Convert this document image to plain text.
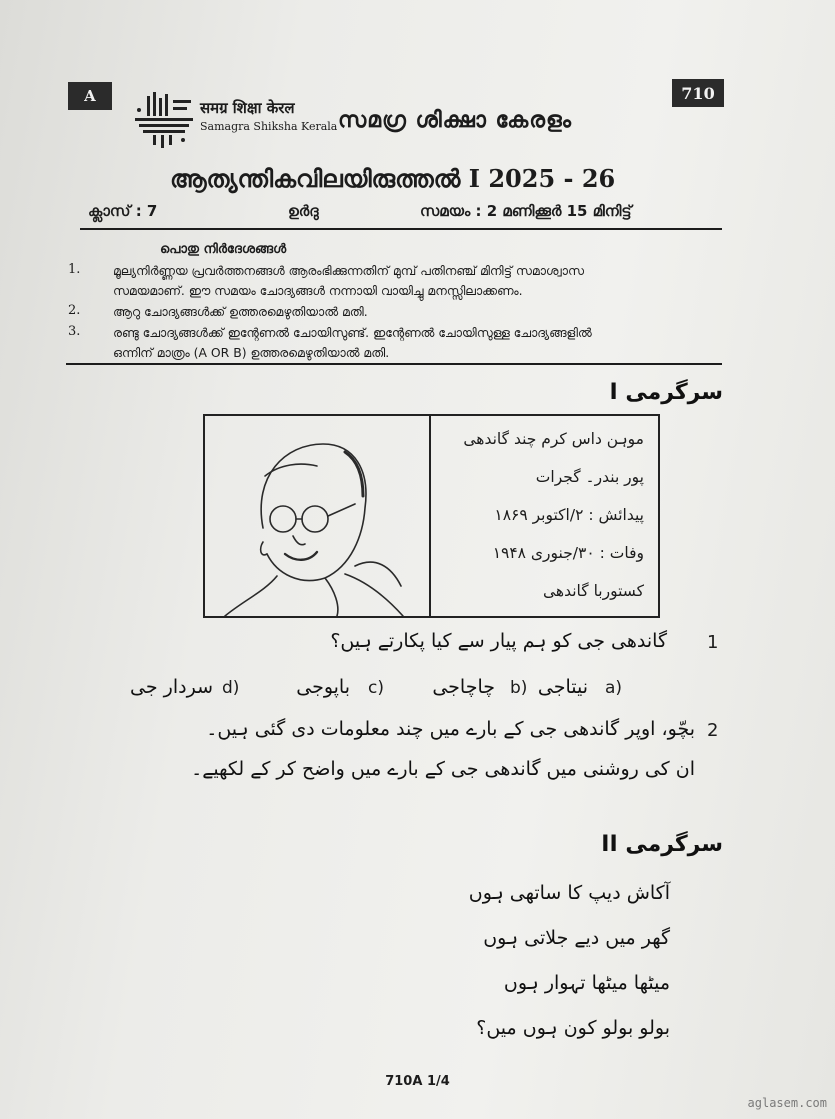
A	710
समग्र शिक्षा केरल
Samagra Shiksha Kerala സമഗ്ര ശിക്ഷാ കേരളം
ആത്യന്തികവിലയിരുത്തൽ I 2025 - 26
ക്ലാസ് : 7	ഉർദു	സമയം : 2 മണിക്കൂർ 15 മിനിട്ട്
പൊതു നിർദേശങ്ങൾ
1.	മൂല്യനിർണ്ണയ പ്രവർത്തനങ്ങൾ ആരംഭിക്കുന്നതിന് മുമ്പ് പതിനഞ്ച് മിനിട്ട് സമാശ്വാസ
സമയമാണ്. ഈ സമയം ചോദ്യങ്ങൾ നന്നായി വായിച്ചു മനസ്സിലാക്കണം.
2.	ആറു ചോദ്യങ്ങൾക്ക് ഉത്തരമെഴുതിയാൽ മതി.
3.	രണ്ടു ചോദ്യങ്ങൾക്ക് ഇന്റേണൽ ചോയിസുണ്ട്. ഇന്റേണൽ ചോയിസുള്ള ചോദ്യങ്ങളിൽ
ഒന്നിന് മാത്രം (A OR B) ഉത്തരമെഴുതിയാൽ മതി.
سرگرمی I
موہن داس کرم چند گاندھی
پور بندر۔ گجرات
پیدائش : ۲/اکتوبر ۱۸۶۹
وفات : ۳۰/جنوری ۱۹۴۸
کستوربا گاندھی
1
گاندھی جی کو ہم پیار سے کیا پکارتے ہیں؟
a)
نیتاجی
b)
چاچاجی
c)
باپوجی
d)
سردار جی
2
بچّو، اوپر گاندھی جی کے بارے میں چند معلومات دی گئی ہیں۔
ان کی روشنی میں گاندھی جی کے بارے میں واضح کر کے لکھیے۔
سرگرمی II
آکاش دیپ کا ساتھی ہوں
گھر میں دیے جلاتی ہوں
میٹھا میٹھا تہوار ہوں
بولو بولو کون ہوں میں؟
710A 1/4
aglasem.com
